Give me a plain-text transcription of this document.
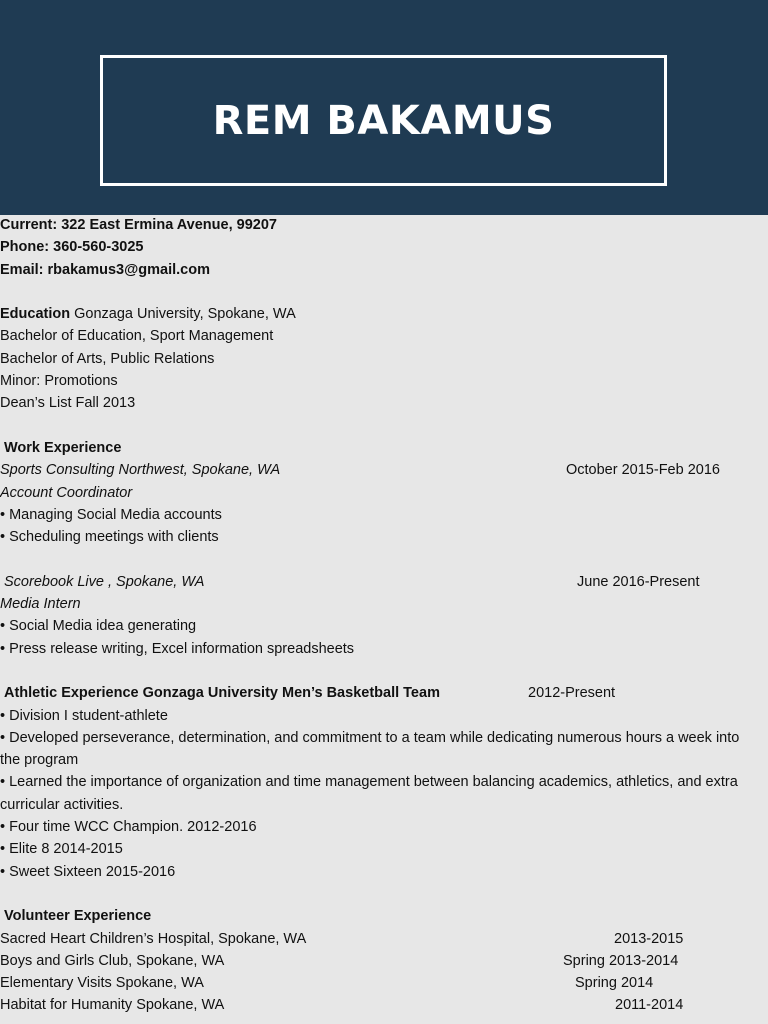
REM BAKAMUS
Current: 322 East Ermina Avenue, 99207
Phone: 360-560-3025
Email: rbakamus3@gmail.com
Education Gonzaga University, Spokane, WA
Bachelor of Education, Sport Management
Bachelor of Arts, Public Relations
Minor: Promotions
Dean’s List Fall 2013
Work Experience
Sports Consulting Northwest, Spokane, WA	October 2015-Feb 2016
Account Coordinator
• Managing Social Media accounts
• Scheduling meetings with clients
Scorebook Live , Spokane, WA	June 2016-Present
Media Intern
• Social Media idea generating
• Press release writing, Excel information spreadsheets
Athletic Experience Gonzaga University Men’s Basketball Team	2012-Present
• Division I student-athlete
• Developed perseverance, determination, and commitment to a team while dedicating numerous hours a week into the program
• Learned the importance of organization and time management between balancing academics, athletics, and extra curricular activities.
• Four time WCC Champion. 2012-2016
• Elite 8 2014-2015
• Sweet Sixteen 2015-2016
Volunteer Experience
Sacred Heart Children’s Hospital, Spokane, WA	2013-2015
Boys and Girls Club, Spokane, WA	Spring 2013-2014
Elementary Visits Spokane, WA	Spring 2014
Habitat for Humanity Spokane, WA	2011-2014
